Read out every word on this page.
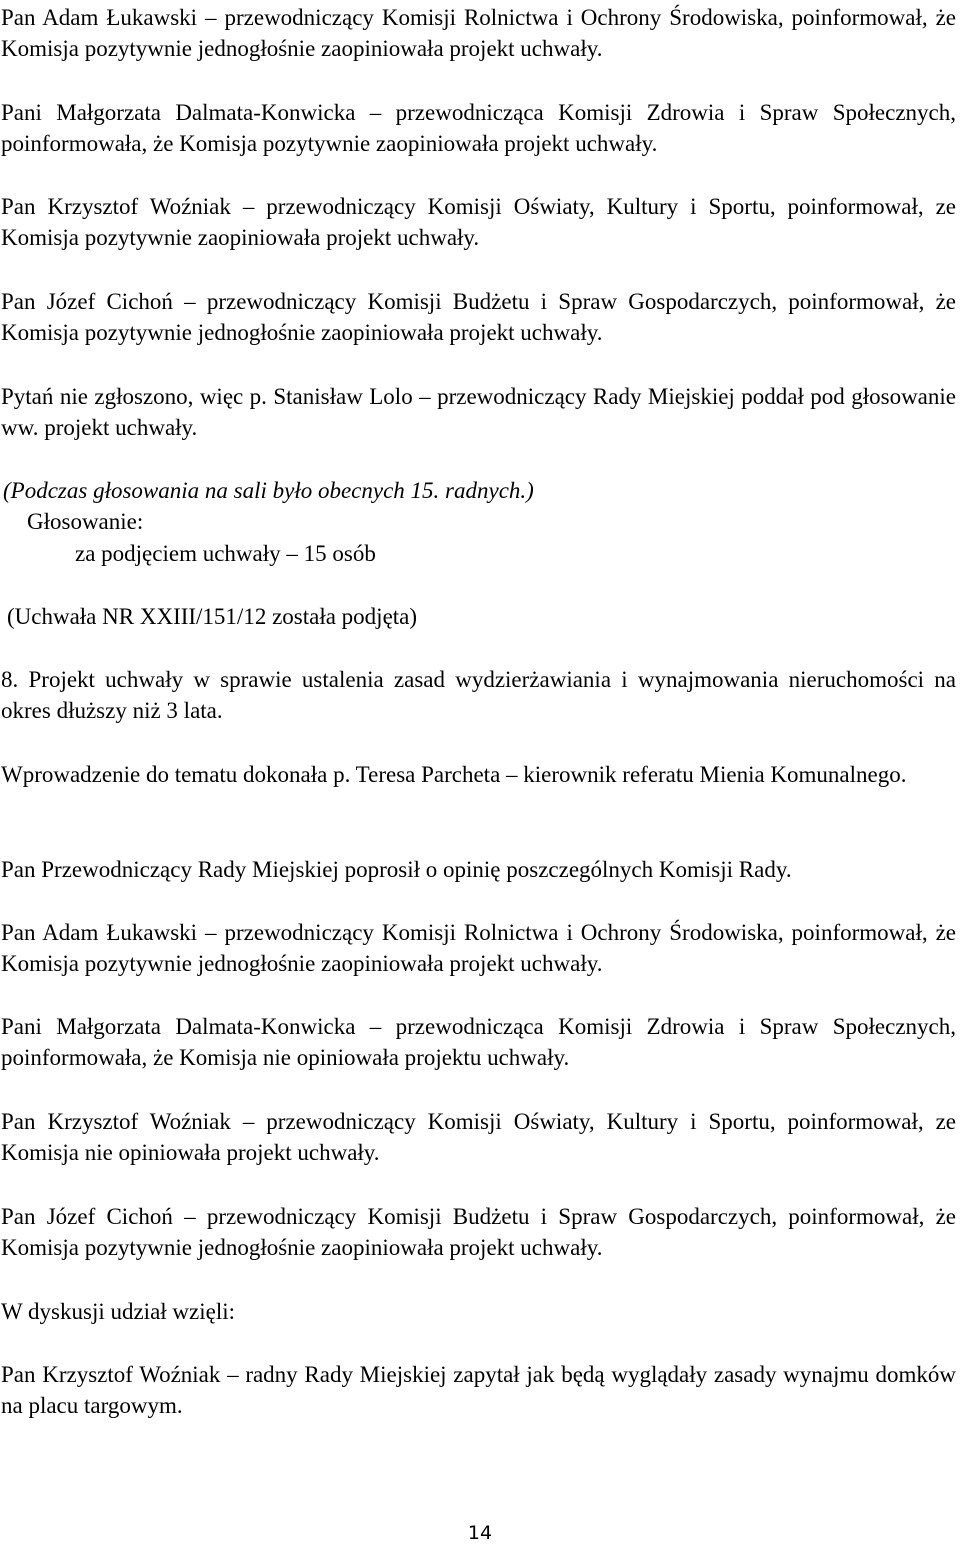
Pan Adam Łukawski – przewodniczący Komisji Rolnictwa i Ochrony Środowiska, poinformował, że Komisja pozytywnie jednogłośnie zaopiniowała projekt uchwały.

Pani Małgorzata Dalmata-Konwicka – przewodnicząca Komisji Zdrowia i Spraw Społecznych, poinformowała, że Komisja pozytywnie zaopiniowała projekt uchwały.

Pan Krzysztof Woźniak – przewodniczący Komisji Oświaty, Kultury i Sportu, poinformował, ze Komisja pozytywnie zaopiniowała projekt uchwały.

Pan Józef Cichoń – przewodniczący Komisji Budżetu i Spraw Gospodarczych, poinformował, że Komisja pozytywnie jednogłośnie zaopiniowała projekt uchwały.

Pytań nie zgłoszono, więc p. Stanisław Lolo – przewodniczący Rady Miejskiej poddał pod głosowanie ww. projekt uchwały.

(Podczas głosowania na sali było obecnych 15. radnych.)

Głosowanie:

za podjęciem uchwały – 15 osób

(Uchwała NR XXIII/151/12 została podjęta)

8. Projekt uchwały w sprawie ustalenia zasad wydzierżawiania i wynajmowania nieruchomości na okres dłuższy niż 3 lata.

Wprowadzenie do tematu dokonała p. Teresa Parcheta – kierownik referatu Mienia Komunalnego.

Pan Przewodniczący Rady Miejskiej poprosił o opinię poszczególnych Komisji Rady.

Pan Adam Łukawski – przewodniczący Komisji Rolnictwa i Ochrony Środowiska, poinformował, że Komisja pozytywnie jednogłośnie zaopiniowała projekt uchwały.

Pani Małgorzata Dalmata-Konwicka – przewodnicząca Komisji Zdrowia i Spraw Społecznych, poinformowała, że Komisja nie opiniowała projektu uchwały.

Pan Krzysztof Woźniak – przewodniczący Komisji Oświaty, Kultury i Sportu, poinformował, ze Komisja nie opiniowała projekt uchwały.

Pan Józef Cichoń – przewodniczący Komisji Budżetu i Spraw Gospodarczych, poinformował, że Komisja pozytywnie jednogłośnie zaopiniowała projekt uchwały.

W dyskusji udział wzięli:

Pan Krzysztof Woźniak – radny Rady Miejskiej zapytał jak będą wyglądały zasady wynajmu domków na placu targowym.

14
